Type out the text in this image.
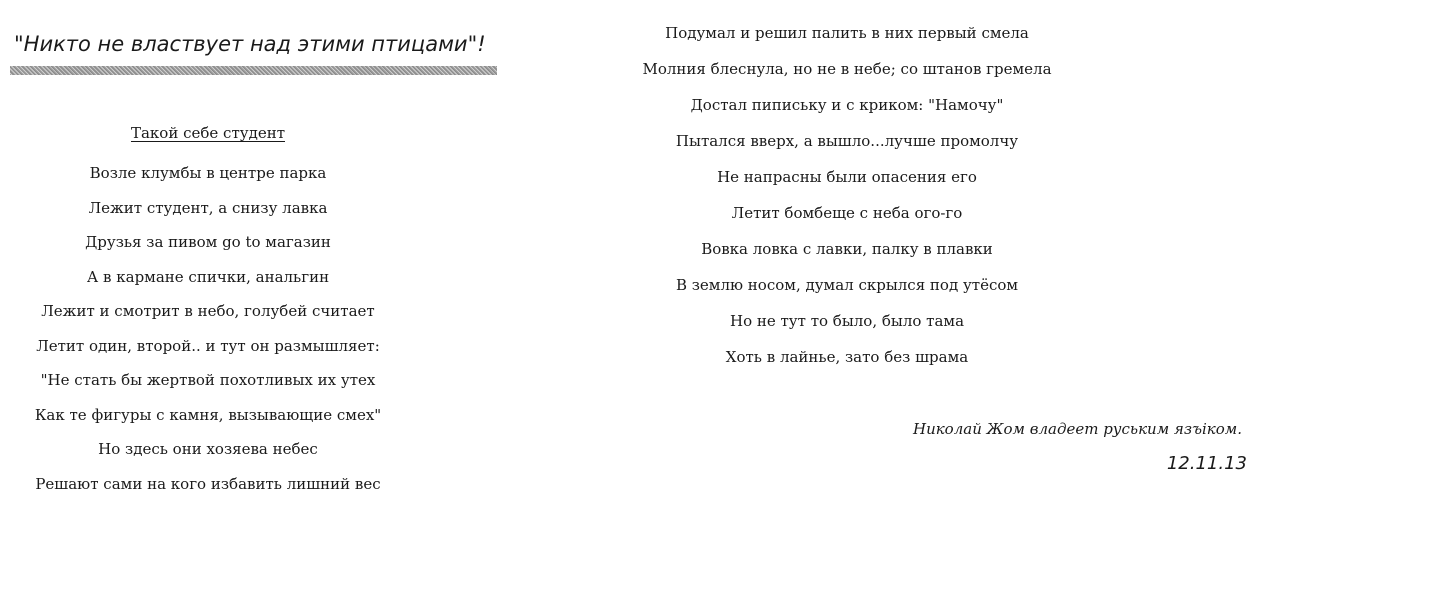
"Никто не властвует над этими птицами"!
Такой себе студент
Возле клумбы в центре парка
Лежит студент, а снизу лавка
Друзья за пивом go to магазин
А в кармане спички, анальгин
Лежит и смотрит в небо, голубей считает
Летит один, второй.. и тут он размышляет:
"Не стать бы жертвой похотливых их утех
Как те фигуры с камня, вызывающие смех"
Но здесь они хозяева небес
Решают сами на кого избавить лишний вес
Подумал и решил палить в них первый смела
Молния блеснула, но не в небе; со штанов гремела
Достал пипиську и с криком: "Намочу"
Пытался вверх, а вышло...лучше промолчу
Не напрасны были опасения его
Летит бомбеще с неба ого-го
Вовка ловка с лавки, палку в плавки
В землю носом, думал скрылся под утёсом
Но не тут то было, было тама
Хоть в лайнье, зато без шрама
Николай Жом владеет руським язъiком.
12.11.13
